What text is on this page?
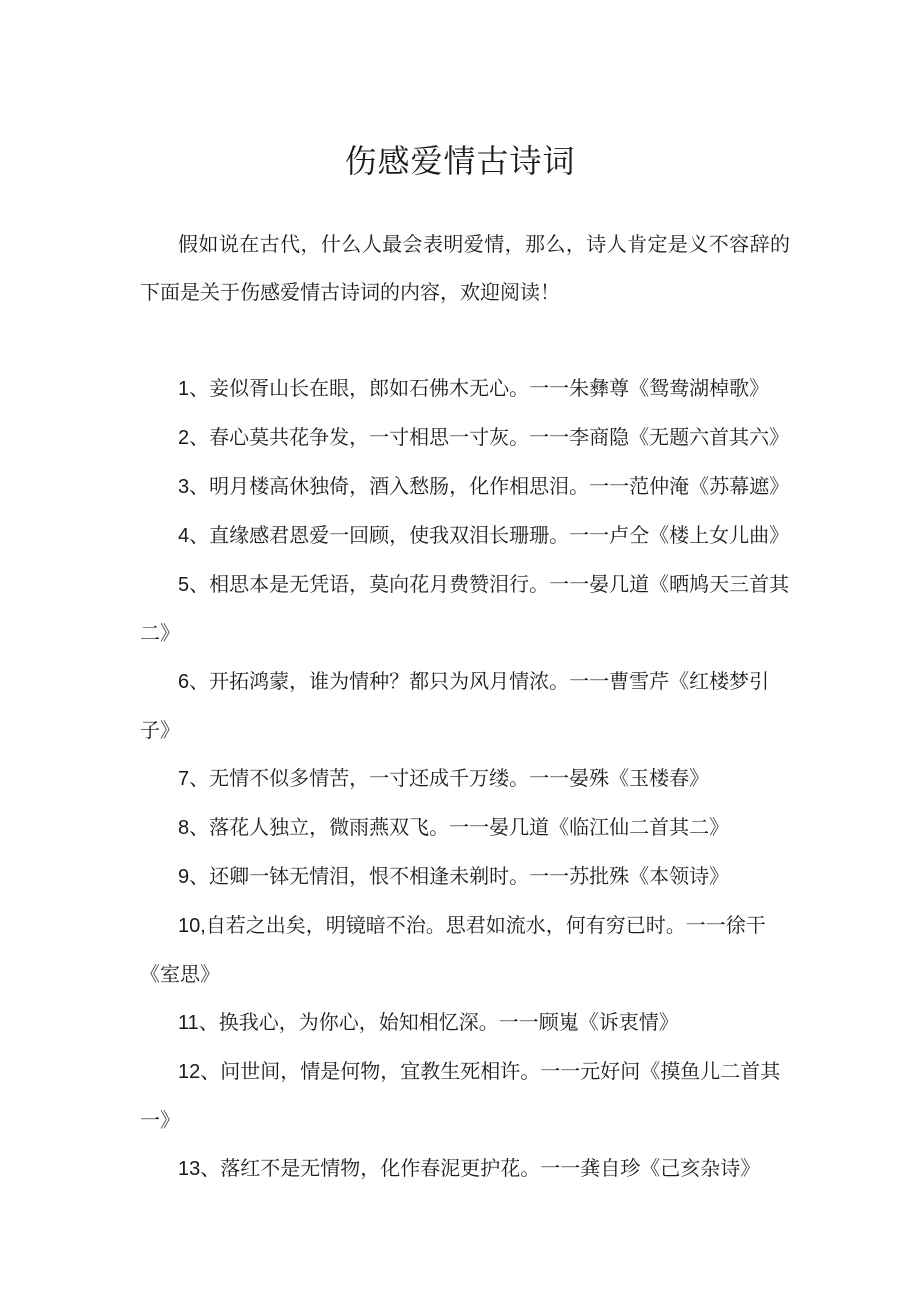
伤感爱情古诗词

假如说在古代，什么人最会表明爱情，那么，诗人肯定是义不容辞的下面是关于伤感爱情古诗词的内容，欢迎阅读！

1、妾似胥山长在眼，郎如石佛木无心。一一朱彝尊《鸳鸯湖棹歌》

2、春心莫共花争发，一寸相思一寸灰。一一李商隐《无题六首其六》

3、明月楼高休独倚，酒入愁肠，化作相思泪。一一范仲淹《苏幕遮》

4、直缘感君恩爱一回顾，使我双泪长珊珊。一一卢仝《楼上女儿曲》

5、相思本是无凭语，莫向花月费赞泪行。一一晏几道《晒鸠天三首其二》

6、开拓鸿蒙，谁为情种？都只为风月情浓。一一曹雪芹《红楼梦引子》

7、无情不似多情苦，一寸还成千万缕。一一晏殊《玉楼春》

8、落花人独立，微雨燕双飞。一一晏几道《临江仙二首其二》

9、还卿一钵无情泪，恨不相逢未剃时。一一苏批殊《本领诗》

10,自若之出矣，明镜暗不治。思君如流水，何有穷已时。一一徐干《室思》

11、换我心，为你心，始知相忆深。一一顾嵬《诉衷情》

12、问世间，情是何物，宜教生死相许。一一元好问《摸鱼儿二首其一》

13、落红不是无情物，化作春泥更护花。一一龚自珍《己亥杂诗》
